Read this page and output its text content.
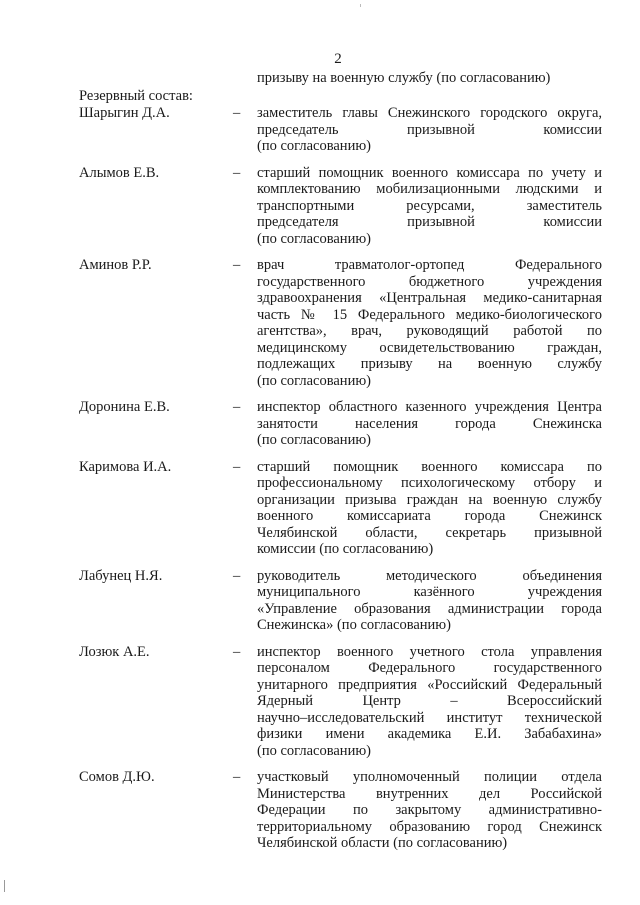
2
призыву на военную службу (по согласованию)
Резервный состав:
Шарыгин Д.А.	– заместитель главы Снежинского городского округа,
председатель призывной комиссии
(по согласованию)
Алымов Е.В.	– старший помощник военного комиссара по учету и
комплектованию мобилизационными людскими и
транспортными ресурсами, заместитель
председателя призывной комиссии
(по согласованию)
Аминов Р.Р.	– врач травматолог-ортопед Федерального
государственного бюджетного учреждения
здравоохранения «Центральная медико-санитарная
часть № 15 Федерального медико-биологического
агентства», врач, руководящий работой по
медицинскому освидетельствованию граждан,
подлежащих призыву на военную службу
(по согласованию)
Доронина Е.В.	– инспектор областного казенного учреждения Центра
занятости населения города Снежинска
(по согласованию)
Каримова И.А.	– старший помощник военного комиссара по
профессиональному психологическому отбору и
организации призыва граждан на военную службу
военного комиссариата города Снежинск
Челябинской области, секретарь призывной
комиссии (по согласованию)
Лабунец Н.Я.	– руководитель методического объединения
муниципального казённого учреждения
«Управление образования администрации города
Снежинска» (по согласованию)
Лозюк А.Е.	– инспектор военного учетного стола управления
персоналом Федерального государственного
унитарного предприятия «Российский Федеральный
Ядерный Центр – Всероссийский
научно–исследовательский институт технической
физики имени академика Е.И. Забабахина»
(по согласованию)
Сомов Д.Ю.	– участковый уполномоченный полиции отдела
Министерства внутренних дел Российской
Федерации по закрытому административно-
территориальному образованию город Снежинск
Челябинской области (по согласованию)
